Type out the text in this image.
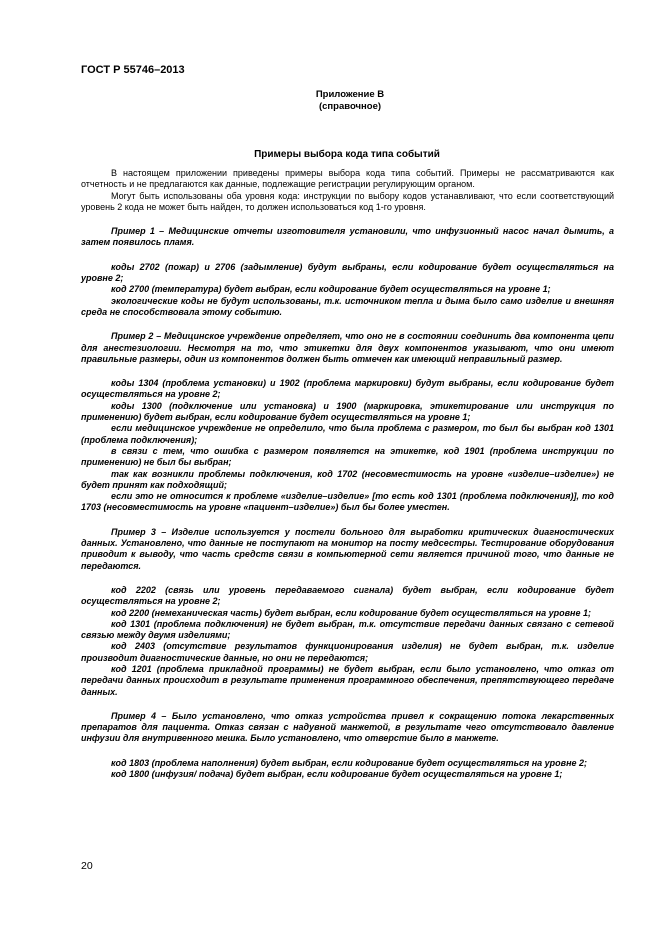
ГОСТ Р 55746–2013
Приложение В
(справочное)
Примеры выбора кода типа событий

В настоящем приложении приведены примеры выбора кода типа событий. Примеры не рассматриваются как отчетность и не предлагаются как данные, подлежащие регистрации регулирующим органом.

Могут быть использованы оба уровня кода: инструкции по выбору кодов устанавливают, что если соответствующий уровень 2 кода не может быть найден, то должен использоваться код 1-го уровня.

Пример 1 – Медицинские отчеты изготовителя установили, что инфузионный насос начал дымить, а затем появилось пламя.

коды 2702 (пожар) и 2706 (задымление) будут выбраны, если кодирование будет осуществляться на уровне 2;

код 2700 (температура) будет выбран, если кодирование будет осуществляться на уровне 1;

экологические коды не будут использованы, т.к. источником тепла и дыма было само изделие и внешняя среда не способствовала этому событию.

Пример 2 – Медицинское учреждение определяет, что оно не в состоянии соединить два компонента цепи для анестезиологии. Несмотря на то, что этикетки для двух компонентов указывают, что они имеют правильные размеры, один из компонентов должен быть отмечен как имеющий неправильный размер.

коды 1304 (проблема установки) и 1902 (проблема маркировки) будут выбраны, если кодирование будет осуществляться на уровне 2;

коды 1300 (подключение или установка) и 1900 (маркировка, этикетирование или инструкция по применению) будет выбран, если кодирование будет осуществляться на уровне 1;

если медицинское учреждение не определило, что была проблема с размером, то был бы выбран код 1301 (проблема подключения);

в связи с тем, что ошибка с размером появляется на этикетке, код 1901 (проблема инструкции по применению) не был бы выбран;

так как возникли проблемы подключения, код 1702 (несовместимость на уровне «изделие–изделие») не будет принят как подходящий;

если это не относится к проблеме «изделие–изделие» [то есть код 1301 (проблема подключения)], то код 1703 (несовместимость на уровне «пациент–изделие») был бы более уместен.

Пример 3 – Изделие используется у постели больного для выработки критических диагностических данных. Установлено, что данные не поступают на монитор на посту медсестры. Тестирование оборудования приводит к выводу, что часть средств связи в компьютерной сети является причиной того, что данные не передаются.

код 2202 (связь или уровень передаваемого сигнала) будет выбран, если кодирование будет осуществляться на уровне 2;

код 2200 (немеханическая часть) будет выбран, если кодирование будет осуществляться на уровне 1;

код 1301 (проблема подключения) не будет выбран, т.к. отсутствие передачи данных связано с сетевой связью между двумя изделиями;

код 2403 (отсутствие результатов функционирования изделия) не будет выбран, т.к. изделие производит диагностические данные, но они не передаются;

код 1201 (проблема прикладной программы) не будет выбран, если было установлено, что отказ от передачи данных происходит в результате применения программного обеспечения, препятствующего передаче данных.

Пример 4 – Было установлено, что отказ устройства привел к сокращению потока лекарственных препаратов для пациента. Отказ связан с надувной манжетой, в результате чего отсутствовало давление инфузии для внутривенного мешка. Было установлено, что отверстие было в манжете.

код 1803 (проблема наполнения) будет выбран, если кодирование будет осуществляться на уровне 2;

код 1800 (инфузия/ подача) будет выбран, если кодирование будет осуществляться на уровне 1;

20
